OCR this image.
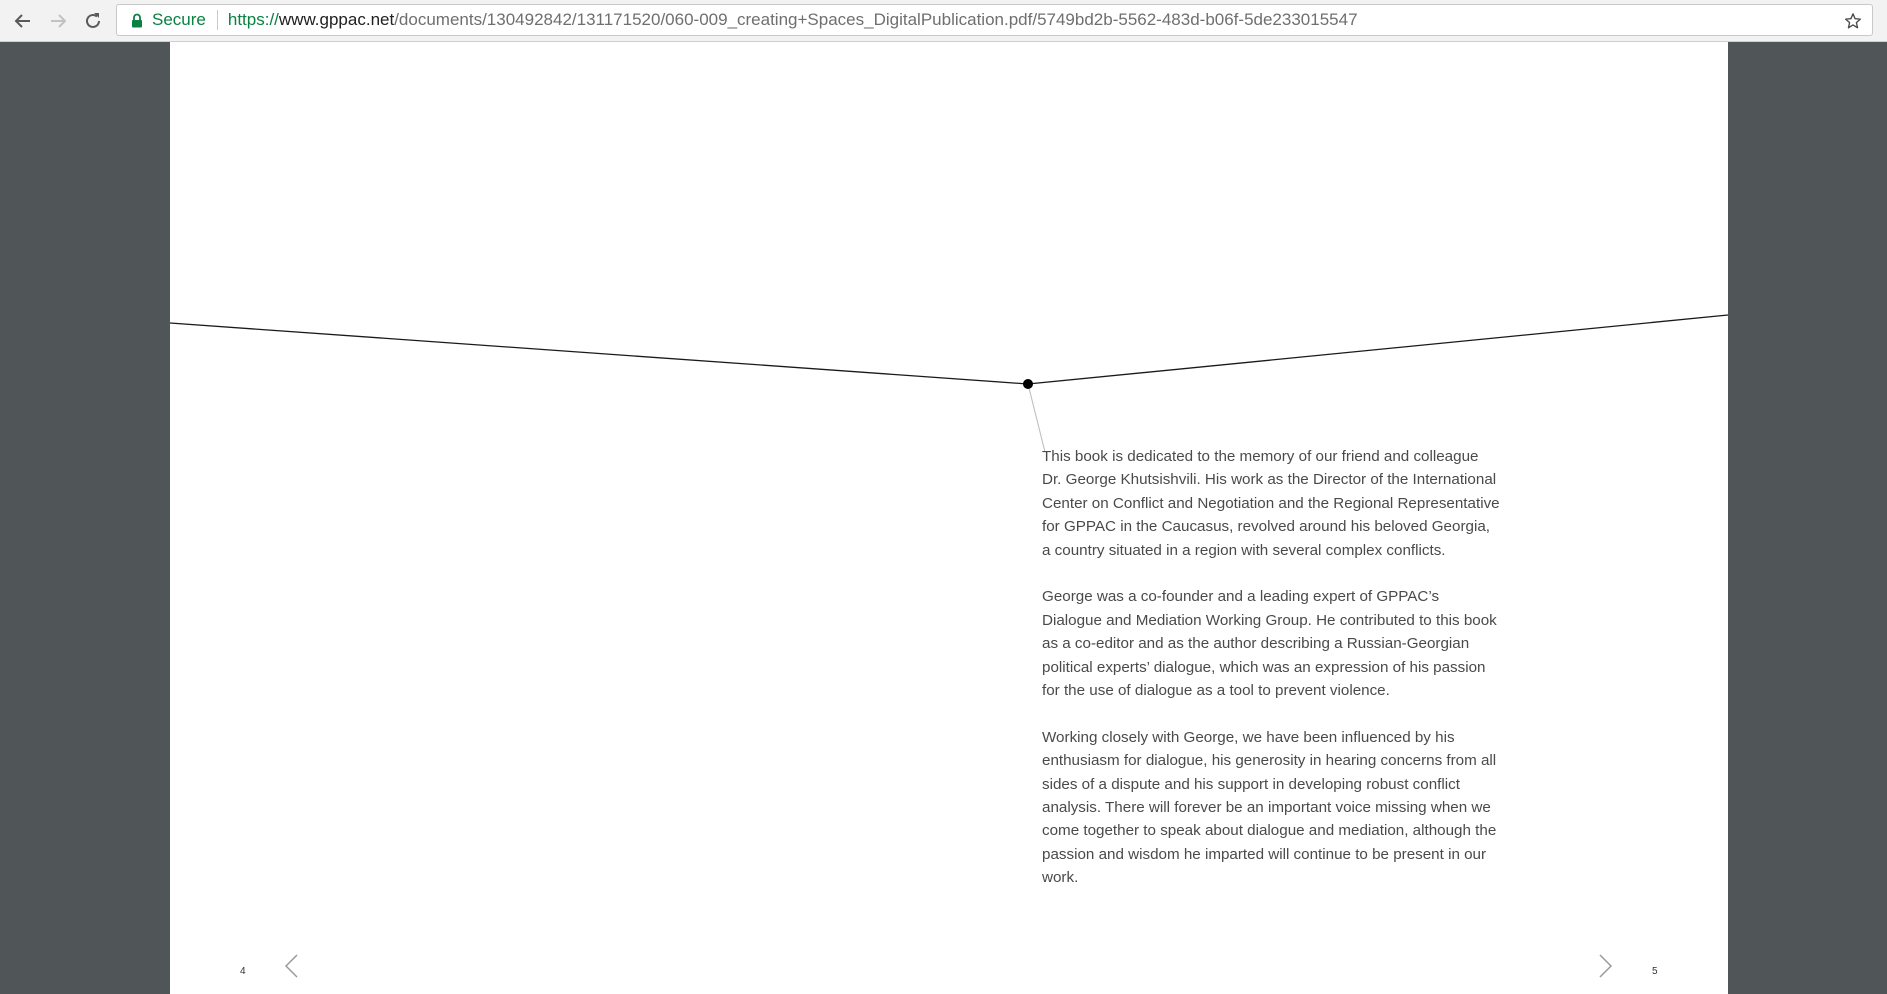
Secure https://www.gppac.net/documents/130492842/131171520/060-009_creating+Spaces_DigitalPublication.pdf/5749bd2b-5562-483d-b06f-5de233015547

This book is dedicated to the memory of our friend and colleague Dr. George Khutsishvili. His work as the Director of the International Center on Conflict and Negotiation and the Regional Representative for GPPAC in the Caucasus, revolved around his beloved Georgia, a country situated in a region with several complex conflicts.

George was a co-founder and a leading expert of GPPAC’s Dialogue and Mediation Working Group. He contributed to this book as a co-editor and as the author describing a Russian-Georgian political experts’ dialogue, which was an expression of his passion for the use of dialogue as a tool to prevent violence.

Working closely with George, we have been influenced by his enthusiasm for dialogue, his generosity in hearing concerns from all sides of a dispute and his support in developing robust conflict analysis. There will forever be an important voice missing when we come together to speak about dialogue and mediation, although the passion and wisdom he imparted will continue to be present in our work.

4	5
